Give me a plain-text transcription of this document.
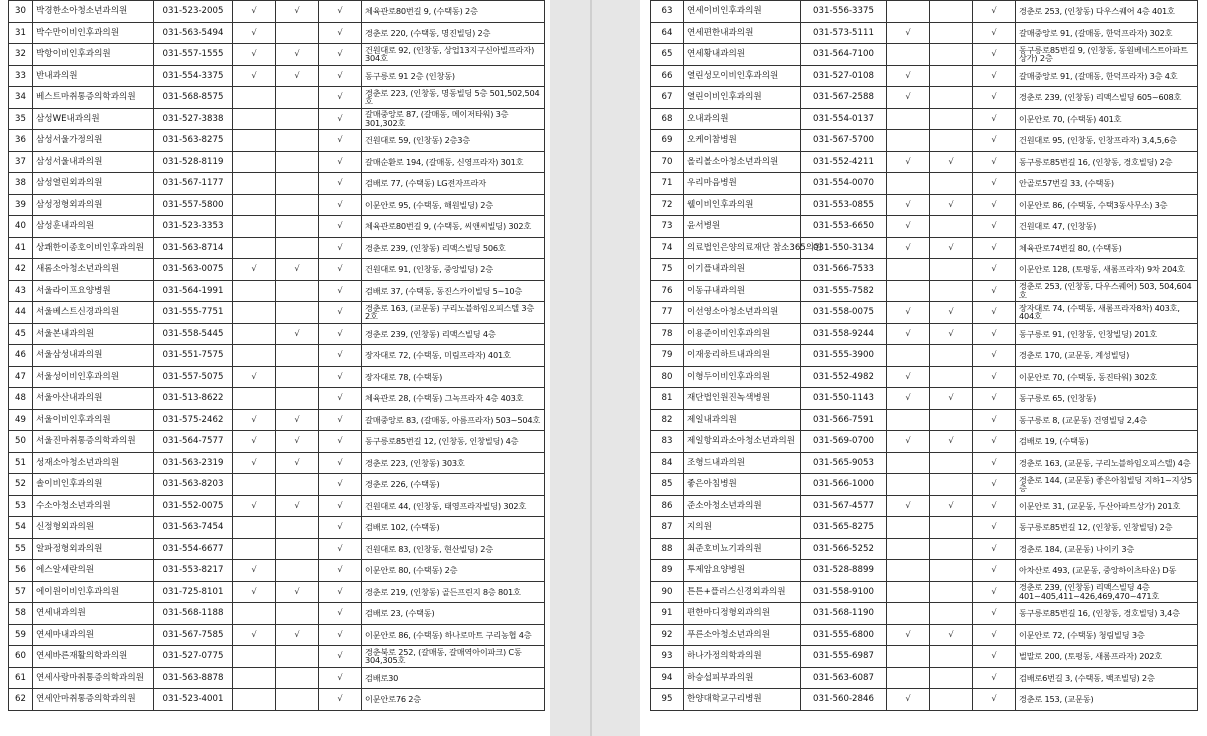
30	박경한소아청소년과의원	031-523-2005	√	√	√	체육관로80번길 9, (수택동) 2층
31	박수만이비인후과의원	031-563-5494	√		√	경춘로 220, (수택동, 명진빌딩) 2층
32	박항이비인후과의원	031-557-1555	√	√	√	건원대로 92, (인창동, 상업13지구신아빌프라자) 304호
33	반내과의원	031-554-3375	√	√	√	동구릉로 91 2층 (인창동)
34	베스트마취통증의학과의원	031-568-8575			√	경춘로 223, (인창동, 명동빌딩 5층 501,502,504호
35	삼성WE내과의원	031-527-3838			√	갈매중앙로 87, (갈매동, 메이저타워) 3층 301,302호
36	삼성서울가정의원	031-563-8275			√	건원대로 59, (인창동) 2층3층
37	삼성서울내과의원	031-528-8119			√	갈매순환로 194, (갈매동, 신영프라자) 301호
38	삼성열린외과의원	031-567-1177			√	검배로 77, (수택동) LG전자프라자
39	삼성정형외과의원	031-557-5800			√	이문안로 95, (수택동, 해원빌딩) 2층
40	삼성훈내과의원	031-523-3353			√	체육관로80번길 9, (수택동, 씨앤씨빌딩) 302호
41	상쾌한이종호이비인후과의원	031-563-8714			√	경춘로 239, (인창동) 리맥스빌딩 506호
42	새롬소아청소년과의원	031-563-0075	√	√	√	건원대로 91, (인창동, 중앙빌딩) 2층
43	서울라이프요양병원	031-564-1991			√	검배로 37, (수택동, 동진스카이빌딩 5~10층
44	서울베스트신경과의원	031-555-7751			√	경춘로 163, (교문동) 구리노블하임오피스텔 3층 2호
45	서울본내과의원	031-558-5445		√	√	경춘로 239, (인창동) 리맥스빌딩 4층
46	서울삼성내과의원	031-551-7575			√	장자대로 72, (수택동, 미림프라자) 401호
47	서울성이비인후과의원	031-557-5075	√		√	장자대로 78, (수택동)
48	서울아산내과의원	031-513-8622			√	체육관로 28, (수택동) 그녹프라자 4층 403호
49	서울이비인후과의원	031-575-2462	√	√	√	갈매중앙로 83, (갈매동, 아름프라자) 503~504호
50	서울진마취통증의학과의원	031-564-7577	√	√	√	동구릉로85번길 12, (인창동, 인창빌딩) 4층
51	성재소아청소년과의원	031-563-2319	√	√	√	경춘로 223, (인창동) 303호
52	솔이비인후과의원	031-563-8203			√	경춘로 226, (수택동)
53	수소아청소년과의원	031-552-0075	√	√	√	건원대로 44, (인창동, 태영프라자빌딩) 302호
54	신정형외과의원	031-563-7454			√	검배로 102, (수택동)
55	알파정형외과의원	031-554-6677			√	건원대로 83, (인창동, 현산빌딩) 2층
56	에스알세란의원	031-553-8217	√		√	이문안로 80, (수택동) 2층
57	에이원이비인후과의원	031-725-8101	√	√	√	경춘로 219, (인창동) 골든프린지 8층 801호
58	연세내과의원	031-568-1188			√	검배로 23, (수택동)
59	연세마내과의원	031-567-7585	√	√	√	이문안로 86, (수택동) 하나로마트 구리농협 4층
60	연세바른재활의학과의원	031-527-0775			√	경춘북로 252, (갈매동, 갈매역아이파크) C동 304,305호
61	연세사랑마취통증의학과의원	031-563-8878			√	검배로30
62	연세안마취통증의학과의원	031-523-4001			√	이문안로76 2층
63	연세이비인후과의원	031-556-3375			√	경춘로 253, (인창동) 다우스퀘어 4층 401호
64	연세편한내과의원	031-573-5111	√		√	갈매중앙로 91, (갈매동, 한덕프라자) 302호
65	연세황내과의원	031-564-7100			√	동구릉로85번길 9, (인창동, 동원베네스트아파트상가) 2층
66	열린성모이비인후과의원	031-527-0108	√		√	갈매중앙로 91, (갈매동, 한덕프라자) 3층 4호
67	열린이비인후과의원	031-567-2588	√		√	경춘로 239, (인창동) 리맥스빌딩 605~608호
68	오내과의원	031-554-0137			√	이문안로 70, (수택동) 401호
69	오케이참병원	031-567-5700			√	건원대로 95, (인창동, 인창프라자) 3,4,5,6층
70	올리볼소아청소년과의원	031-552-4211	√	√	√	동구릉로85번길 16, (인창동, 경호빌딩) 2층
71	우리마음병원	031-554-0070			√	안골로57번길 33, (수택동)
72	웰이비인후과의원	031-553-0855	√	√	√	이문안로 86, (수택동, 수택3동사무소) 3층
73	윤서병원	031-553-6650	√		√	건원대로 47, (인창동)
74	의료법인은양의료재단 참소365의원	031-550-3134	√	√	√	체육관로74번길 80, (수택동)
75	이기플내과의원	031-566-7533			√	이문안로 128, (토평동, 새롬프라자) 9차 204호
76	이동규내과의원	031-555-7582			√	경춘로 253, (인창동, 다우스퀘어) 503, 504,604호
77	이선영소아청소년과의원	031-558-0075	√	√	√	장자대로 74, (수택동, 새롬프라자8차) 403호, 404호
78	이용준이비인후과의원	031-558-9244	√	√	√	동구릉로 91, (인창동, 인창빌딩) 201호
79	이재웅리하트내과의원	031-555-3900			√	경춘로 170, (교문동, 계성빌딩)
80	이형두이비인후과의원	031-552-4982	√		√	이문안로 70, (수택동, 동진타워) 302호
81	재단법인원진녹색병원	031-550-1143	√	√	√	동구릉로 65, (인창동)
82	제일내과의원	031-566-7591			√	동구릉로 8, (교문동) 건영빌딩 2,4층
83	제일항외과소아청소년과의원	031-569-0700	√	√	√	검배로 19, (수택동)
84	조형드내과의원	031-565-9053			√	경춘로 163, (교문동, 구리노블하임오피스텔) 4층
85	좋은아침병원	031-566-1000			√	경춘로 144, (교문동) 좋은아침빌딩 지하1~지상5층
86	준소아청소년과의원	031-567-4577	√	√	√	이문안로 31, (교문동, 두산아파트상가) 201호
87	지의원	031-565-8275			√	동구릉로85번길 12, (인창동, 인창빌딩) 2층
88	최준호비뇨기과의원	031-566-5252			√	경춘로 184, (교문동) 나이키 3층
89	투제암요양병원	031-528-8899			√	아차산로 493, (교문동, 중앙하이츠타운) D동
90	튼튼+플러스신경외과의원	031-558-9100			√	경춘로 239, (인창동) 리맥스빌딩 4층 401~405,411~426,469,470~471호
91	편한마디정형외과의원	031-568-1190			√	동구릉로85번길 16, (인창동, 경호빌딩) 3,4층
92	푸른소아청소년과의원	031-555-6800	√	√	√	이문안로 72, (수택동) 청림빌딩 3층
93	하나가정의학과의원	031-555-6987			√	벌말로 200, (토평동, 새롬프라자) 202호
94	하승섭피부과의원	031-563-6087			√	검배로6번길 3, (수택동, 백조빌딩) 2층
95	한양대학교구리병원	031-560-2846	√		√	경춘로 153, (교문동)
